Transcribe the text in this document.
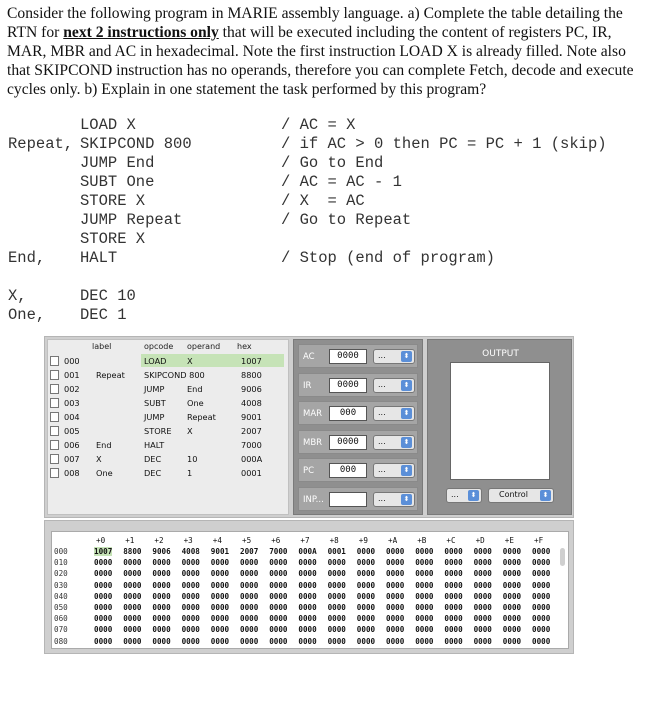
Consider the following program in MARIE assembly language. a) Complete the table detailing the RTN for next 2 instructions only that will be executed including the content of registers PC, IR, MAR, MBR and AC in hexadecimal. Note the first instruction LOAD X is already filled. Note also that SKIPCOND instruction has no operands, therefore you can complete Fetch, decode and execute cycles only. b) Explain in one statement the task performed by this program?
LOAD X	/ AC = X
Repeat, SKIPCOND 800	/ if AC > 0 then PC = PC + 1 (skip)
JUMP End	/ Go to End
SUBT One	/ AC = AC - 1
STORE X	/ X  = AC
JUMP Repeat	/ Go to Repeat
STORE X
End, HALT	/ Stop (end of program)
X,	DEC 10
One, DEC 1
label	opcode operand hex
000	LOAD	X	1007
001 Repeat SKIPCOND 800	8800
002	JUMP	End	9006
003	SUBT	One	4008
004	JUMP	Repeat	9001
005	STORE X	2007
006 End	HALT	7000
007 X	DEC	10	000A
008 One	DEC	1	0001
AC	0000	...	⬍
IR	0000	...	⬍
MAR	000	...	⬍
MBR	0000	...	⬍
PC	000	...	⬍
INP...	...	⬍
OUTPUT
...	⬍	Control	⬍
+0	+1	+2	+3	+4	+5	+6	+7	+8	+9	+A	+B	+C	+D	+E	+F
000	1007 8800 9006 4008 9001 2007 7000 000A 0001 0000 0000 0000 0000 0000 0000 0000
010	0000 0000 0000 0000 0000 0000 0000 0000 0000 0000 0000 0000 0000 0000 0000 0000
020	0000 0000 0000 0000 0000 0000 0000 0000 0000 0000 0000 0000 0000 0000 0000 0000
030	0000 0000 0000 0000 0000 0000 0000 0000 0000 0000 0000 0000 0000 0000 0000 0000
040	0000 0000 0000 0000 0000 0000 0000 0000 0000 0000 0000 0000 0000 0000 0000 0000
050	0000 0000 0000 0000 0000 0000 0000 0000 0000 0000 0000 0000 0000 0000 0000 0000
060	0000 0000 0000 0000 0000 0000 0000 0000 0000 0000 0000 0000 0000 0000 0000 0000
070	0000 0000 0000 0000 0000 0000 0000 0000 0000 0000 0000 0000 0000 0000 0000 0000
080	0000 0000 0000 0000 0000 0000 0000 0000 0000 0000 0000 0000 0000 0000 0000 0000
